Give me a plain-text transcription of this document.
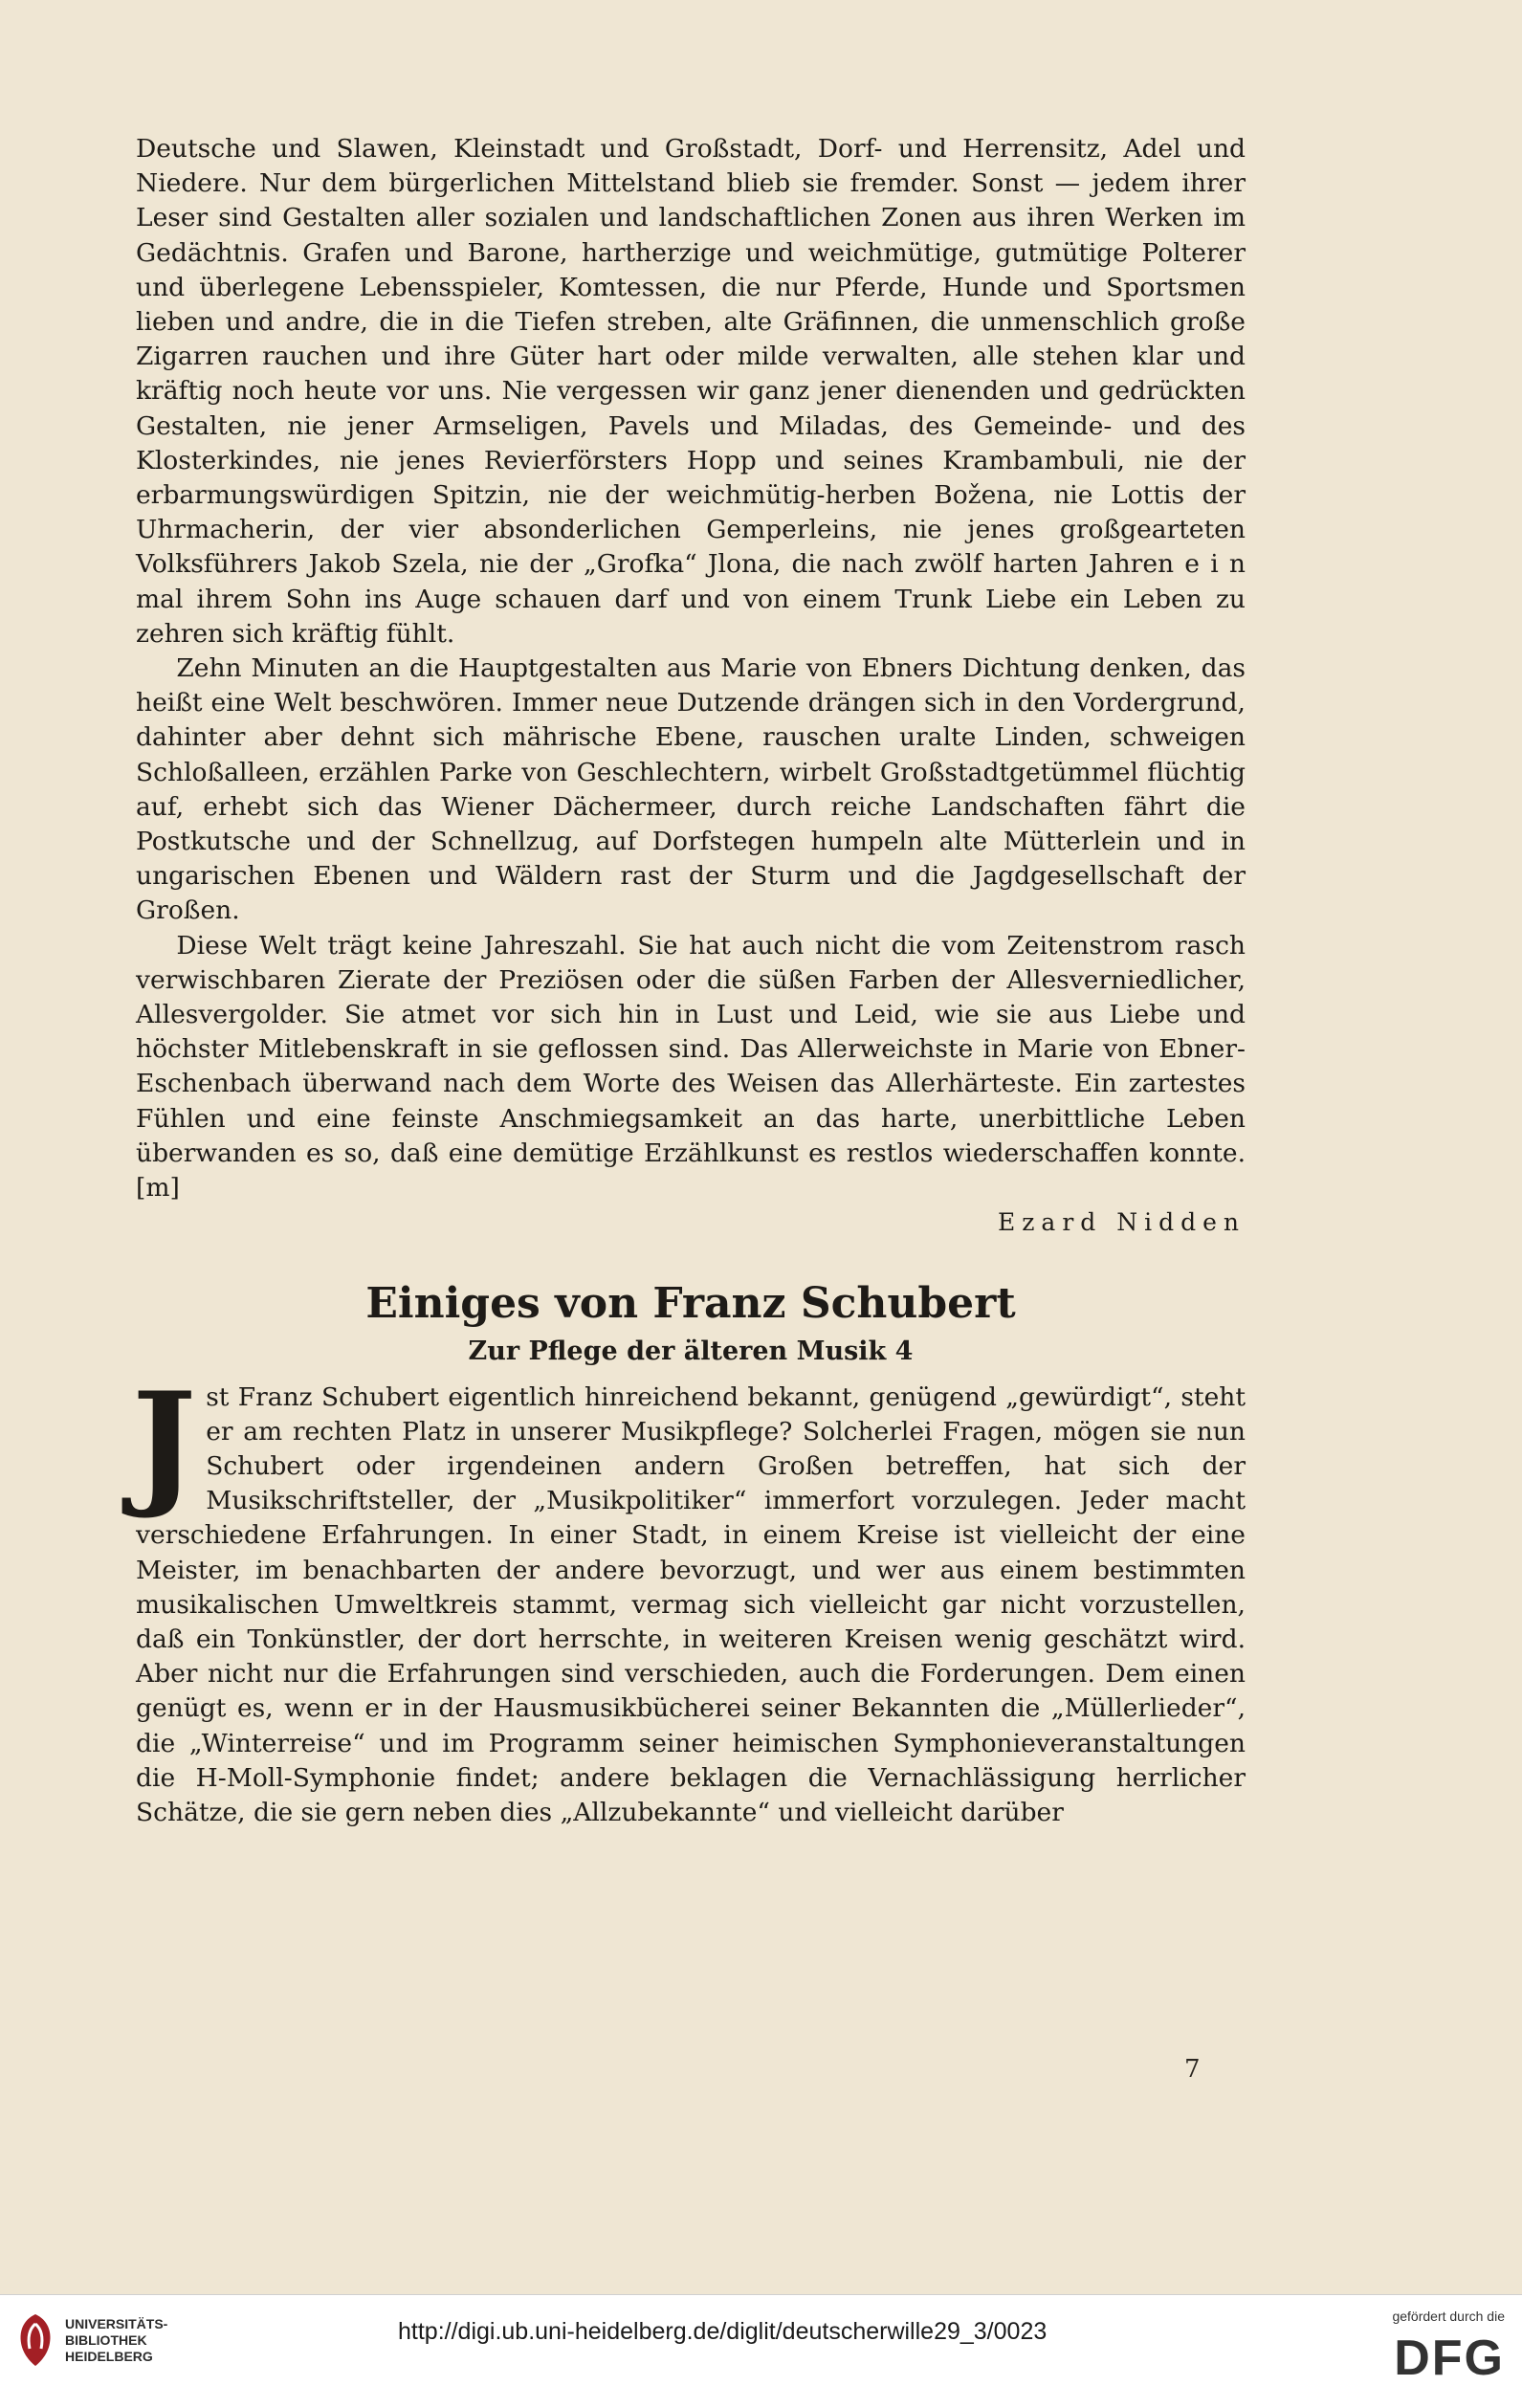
Deutsche und Slawen, Kleinstadt und Großstadt, Dorf- und Herrensitz, Adel und Niedere. Nur dem bürgerlichen Mittelstand blieb sie fremder. Sonst — jedem ihrer Leser sind Gestalten aller sozialen und landschaftlichen Zonen aus ihren Werken im Gedächtnis. Grafen und Barone, hartherzige und weichmütige, gutmütige Polterer und überlegene Lebensspieler, Komtessen, die nur Pferde, Hunde und Sportsmen lieben und andre, die in die Tiefen streben, alte Gräfinnen, die unmenschlich große Zigarren rauchen und ihre Güter hart oder milde verwalten, alle stehen klar und kräftig noch heute vor uns. Nie vergessen wir ganz jener dienenden und gedrückten Gestalten, nie jener Armseligen, Pavels und Miladas, des Gemeinde- und des Klosterkindes, nie jenes Revierförsters Hopp und seines Krambambuli, nie der erbarmungswürdigen Spitzin, nie der weichmütig-herben Božena, nie Lottis der Uhrmacherin, der vier absonderlichen Gemperleins, nie jenes großgearteten Volksführers Jakob Szela, nie der „Grofka“ Jlona, die nach zwölf harten Jahren e i n mal ihrem Sohn ins Auge schauen darf und von einem Trunk Liebe ein Leben zu zehren sich kräftig fühlt.

Zehn Minuten an die Hauptgestalten aus Marie von Ebners Dichtung denken, das heißt eine Welt beschwören. Immer neue Dutzende drängen sich in den Vordergrund, dahinter aber dehnt sich mährische Ebene, rauschen uralte Linden, schweigen Schloßalleen, erzählen Parke von Geschlechtern, wirbelt Großstadtgetümmel flüchtig auf, erhebt sich das Wiener Dächermeer, durch reiche Landschaften fährt die Postkutsche und der Schnellzug, auf Dorfstegen humpeln alte Mütterlein und in ungarischen Ebenen und Wäldern rast der Sturm und die Jagdgesellschaft der Großen.

Diese Welt trägt keine Jahreszahl. Sie hat auch nicht die vom Zeitenstrom rasch verwischbaren Zierate der Preziösen oder die süßen Farben der Allesverniedlicher, Allesvergolder. Sie atmet vor sich hin in Lust und Leid, wie sie aus Liebe und höchster Mitlebenskraft in sie geflossen sind. Das Allerweichste in Marie von Ebner-Eschenbach überwand nach dem Worte des Weisen das Allerhärteste. Ein zartestes Fühlen und eine feinste Anschmiegsamkeit an das harte, unerbittliche Leben überwanden es so, daß eine demütige Erzählkunst es restlos wiederschaffen konnte. [m]

Ezard Nidden

Einiges von Franz Schubert
Zur Pflege der älteren Musik 4

Jst Franz Schubert eigentlich hinreichend bekannt, genügend „gewürdigt“, steht er am rechten Platz in unserer Musikpflege? Solcherlei Fragen, mögen sie nun Schubert oder irgendeinen andern Großen betreffen, hat sich der Musikschriftsteller, der „Musikpolitiker“ immerfort vorzulegen. Jeder macht verschiedene Erfahrungen. In einer Stadt, in einem Kreise ist vielleicht der eine Meister, im benachbarten der andere bevorzugt, und wer aus einem bestimmten musikalischen Umweltkreis stammt, vermag sich vielleicht gar nicht vorzustellen, daß ein Tonkünstler, der dort herrschte, in weiteren Kreisen wenig geschätzt wird. Aber nicht nur die Erfahrungen sind verschieden, auch die Forderungen. Dem einen genügt es, wenn er in der Hausmusikbücherei seiner Bekannten die „Müllerlieder“, die „Winterreise“ und im Programm seiner heimischen Symphonieveranstaltungen die H-Moll-Symphonie findet; andere beklagen die Vernachlässigung herrlicher Schätze, die sie gern neben dies „Allzubekannte“ und vielleicht darüber

7
UNIVERSITÄTS-
BIBLIOTHEK
HEIDELBERG
http://digi.ub.uni-heidelberg.de/diglit/deutscherwille29_3/0023
gefördert durch die
DFG
